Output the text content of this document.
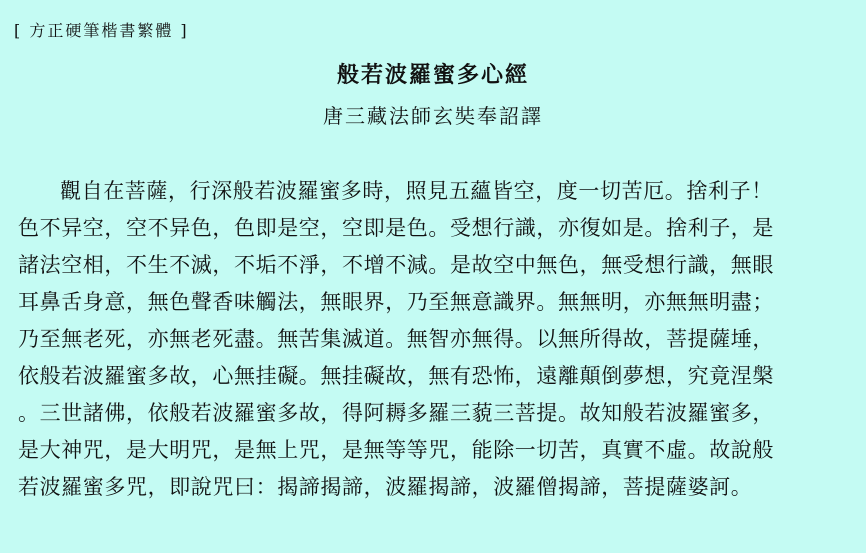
[ 方正硬筆楷書繁體 ]
般若波羅蜜多心經
唐三藏法師玄奘奉詔譯
觀自在菩薩，行深般若波羅蜜多時，照見五蘊皆空，度一切苦厄。捨利子！
色不异空，空不异色，色即是空，空即是色。受想行識，亦復如是。捨利子，是
諸法空相，不生不滅，不垢不淨，不增不減。是故空中無色，無受想行識，無眼
耳鼻舌身意，無色聲香味觸法，無眼界，乃至無意識界。無無明，亦無無明盡；
乃至無老死，亦無老死盡。無苦集滅道。無智亦無得。以無所得故，菩提薩埵，
依般若波羅蜜多故，心無挂礙。無挂礙故，無有恐怖，遠離顛倒夢想，究竟涅槃
。三世諸佛，依般若波羅蜜多故，得阿耨多羅三藐三菩提。故知般若波羅蜜多，
是大神咒，是大明咒，是無上咒，是無等等咒，能除一切苦，真實不虛。故說般
若波羅蜜多咒，即說咒曰：揭諦揭諦，波羅揭諦，波羅僧揭諦，菩提薩婆訶。
